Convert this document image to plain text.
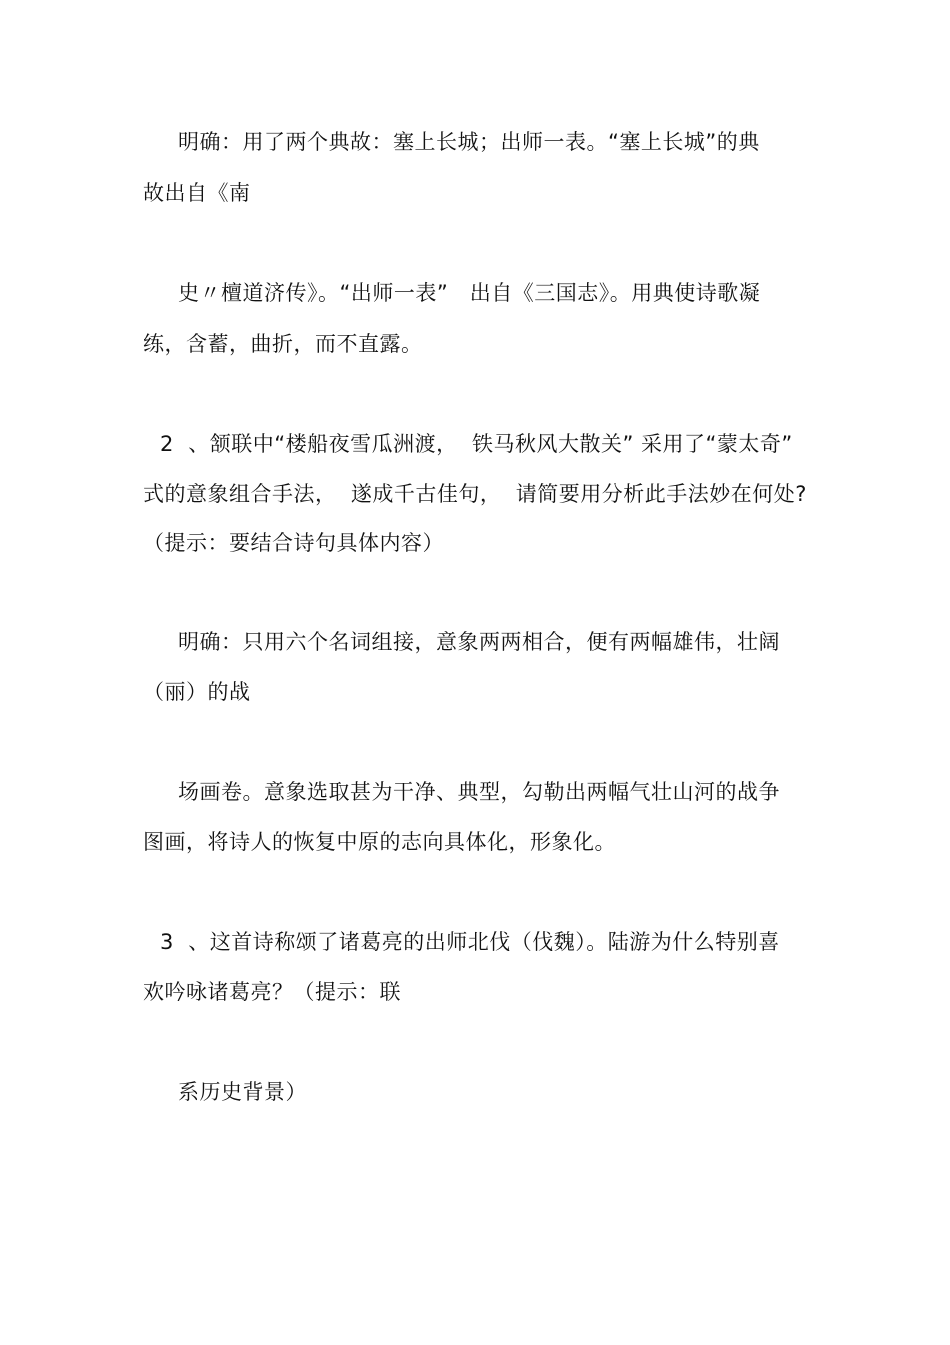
明确：用了两个典故：塞上长城；出师一表。“塞上长城”的典
故出自《南
史〃檀道济传》。“出师一表”   出自《三国志》。用典使诗歌凝
练，含蓄，曲折，而不直露。
2  、颔联中“楼船夜雪瓜洲渡，  铁马秋风大散关” 采用了“蒙太奇”
式的意象组合手法，  遂成千古佳句，  请简要用分析此手法妙在何处?
（提示：要结合诗句具体内容）
明确：只用六个名词组接，意象两两相合，便有两幅雄伟，壮阔
（丽）的战
场画卷。意象选取甚为干净、典型，勾勒出两幅气壮山河的战争
图画，将诗人的恢复中原的志向具体化，形象化。
3  、这首诗称颂了诸葛亮的出师北伐（伐魏）。陆游为什么特别喜
欢吟咏诸葛亮？（提示：联
系历史背景）
